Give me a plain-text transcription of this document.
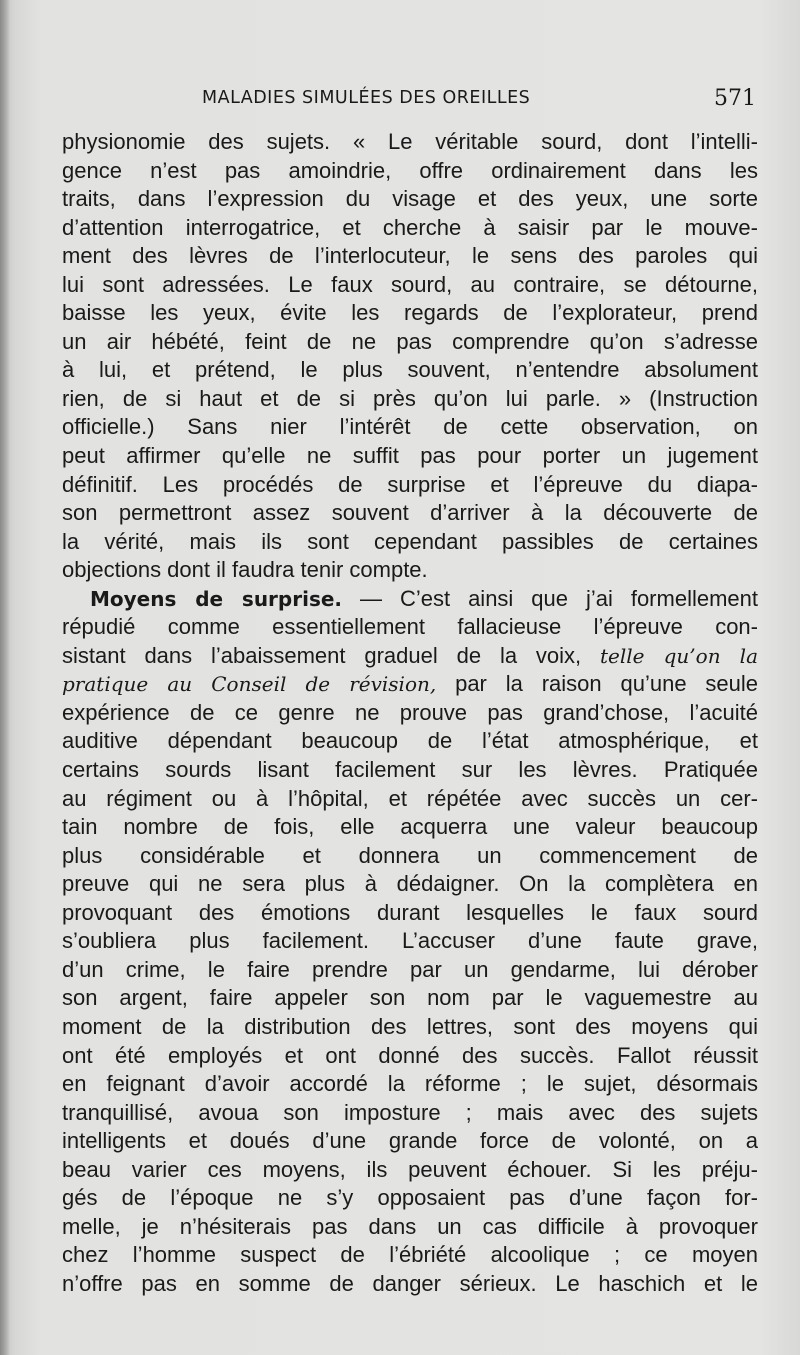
MALADIES SIMULÉES DES OREILLES	571
physionomie des sujets. « Le véritable sourd, dont l’intelli-
gence n’est pas amoindrie, offre ordinairement dans les
traits, dans l’expression du visage et des yeux, une sorte
d’attention interrogatrice, et cherche à saisir par le mouve-
ment des lèvres de l’interlocuteur, le sens des paroles qui
lui sont adressées. Le faux sourd, au contraire, se détourne,
baisse les yeux, évite les regards de l’explorateur, prend
un air hébété, feint de ne pas comprendre qu’on s’adresse
à lui, et prétend, le plus souvent, n’entendre absolument
rien, de si haut et de si près qu’on lui parle. » (Instruction
officielle.) Sans nier l’intérêt de cette observation, on
peut affirmer qu’elle ne suffit pas pour porter un jugement
définitif. Les procédés de surprise et l’épreuve du diapa-
son permettront assez souvent d’arriver à la découverte de
la vérité, mais ils sont cependant passibles de certaines
objections dont il faudra tenir compte.
Moyens de surprise. — C’est ainsi que j’ai formellement
répudié comme essentiellement fallacieuse l’épreuve con-
sistant dans l’abaissement graduel de la voix, telle qu’on la
pratique au Conseil de révision, par la raison qu’une seule
expérience de ce genre ne prouve pas grand’chose, l’acuité
auditive dépendant beaucoup de l’état atmosphérique, et
certains sourds lisant facilement sur les lèvres. Pratiquée
au régiment ou à l’hôpital, et répétée avec succès un cer-
tain nombre de fois, elle acquerra une valeur beaucoup
plus considérable et donnera un commencement de
preuve qui ne sera plus à dédaigner. On la complètera en
provoquant des émotions durant lesquelles le faux sourd
s’oubliera plus facilement. L’accuser d’une faute grave,
d’un crime, le faire prendre par un gendarme, lui dérober
son argent, faire appeler son nom par le vaguemestre au
moment de la distribution des lettres, sont des moyens qui
ont été employés et ont donné des succès. Fallot réussit
en feignant d’avoir accordé la réforme ; le sujet, désormais
tranquillisé, avoua son imposture ; mais avec des sujets
intelligents et doués d’une grande force de volonté, on a
beau varier ces moyens, ils peuvent échouer. Si les préju-
gés de l’époque ne s’y opposaient pas d’une façon for-
melle, je n’hésiterais pas dans un cas difficile à provoquer
chez l’homme suspect de l’ébriété alcoolique ; ce moyen
n’offre pas en somme de danger sérieux. Le haschich et le
